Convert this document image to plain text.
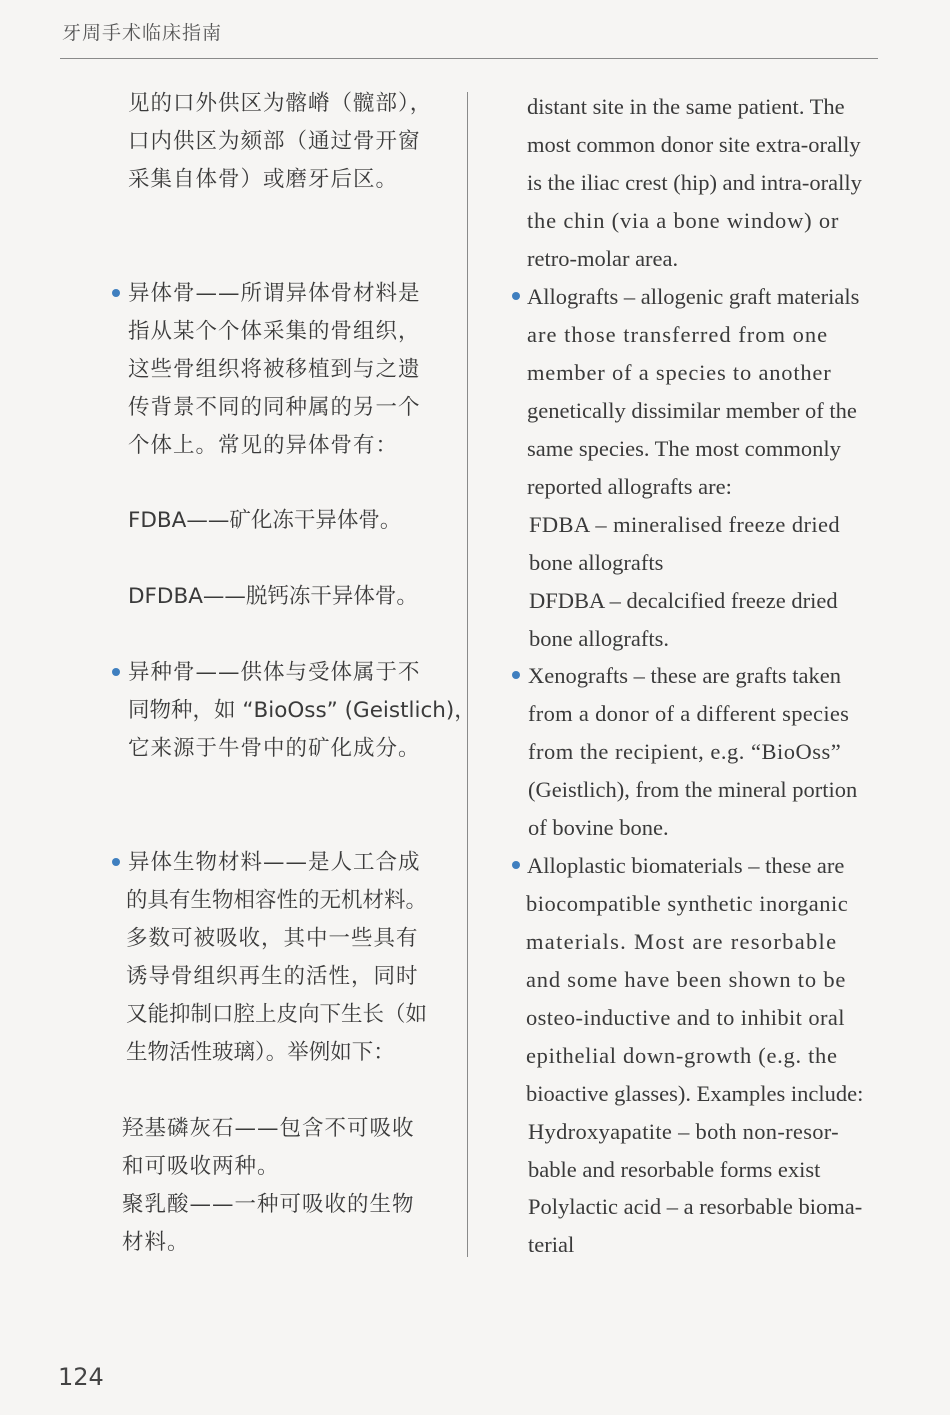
牙周手术临床指南
见的口外供区为髂嵴（髋部），
口内供区为颏部（通过骨开窗
采集自体骨）或磨牙后区。
异体骨——所谓异体骨材料是
指从某个个体采集的骨组织，
这些骨组织将被移植到与之遗
传背景不同的同种属的另一个
个体上。常见的异体骨有：
FDBA——矿化冻干异体骨。
DFDBA——脱钙冻干异体骨。
异种骨——供体与受体属于不
同物种，如 “BioOss” (Geistlich)，
它来源于牛骨中的矿化成分。
异体生物材料——是人工合成
的具有生物相容性的无机材料。
多数可被吸收，其中一些具有
诱导骨组织再生的活性，同时
又能抑制口腔上皮向下生长（如
生物活性玻璃）。举例如下：
羟基磷灰石——包含不可吸收
和可吸收两种。
聚乳酸——一种可吸收的生物
材料。
distant site in the same patient. The
most common donor site extra-orally
is the iliac crest (hip) and intra-orally
the chin (via a bone window) or
retro-molar area.
Allografts – allogenic graft materials
are those transferred from one
member of a species to another
genetically dissimilar member of the
same species. The most commonly
reported allografts are:
FDBA – mineralised freeze dried
bone allografts
DFDBA – decalcified freeze dried
bone allografts.
Xenografts – these are grafts taken
from a donor of a different species
from the recipient, e.g. “BioOss”
(Geistlich), from the mineral portion
of bovine bone.
Alloplastic biomaterials – these are
biocompatible synthetic inorganic
materials. Most are resorbable
and some have been shown to be
osteo-inductive and to inhibit oral
epithelial down-growth (e.g. the
bioactive glasses). Examples include:
Hydroxyapatite – both non-resor-
bable and resorbable forms exist
Polylactic acid – a resorbable bioma-
terial
124
